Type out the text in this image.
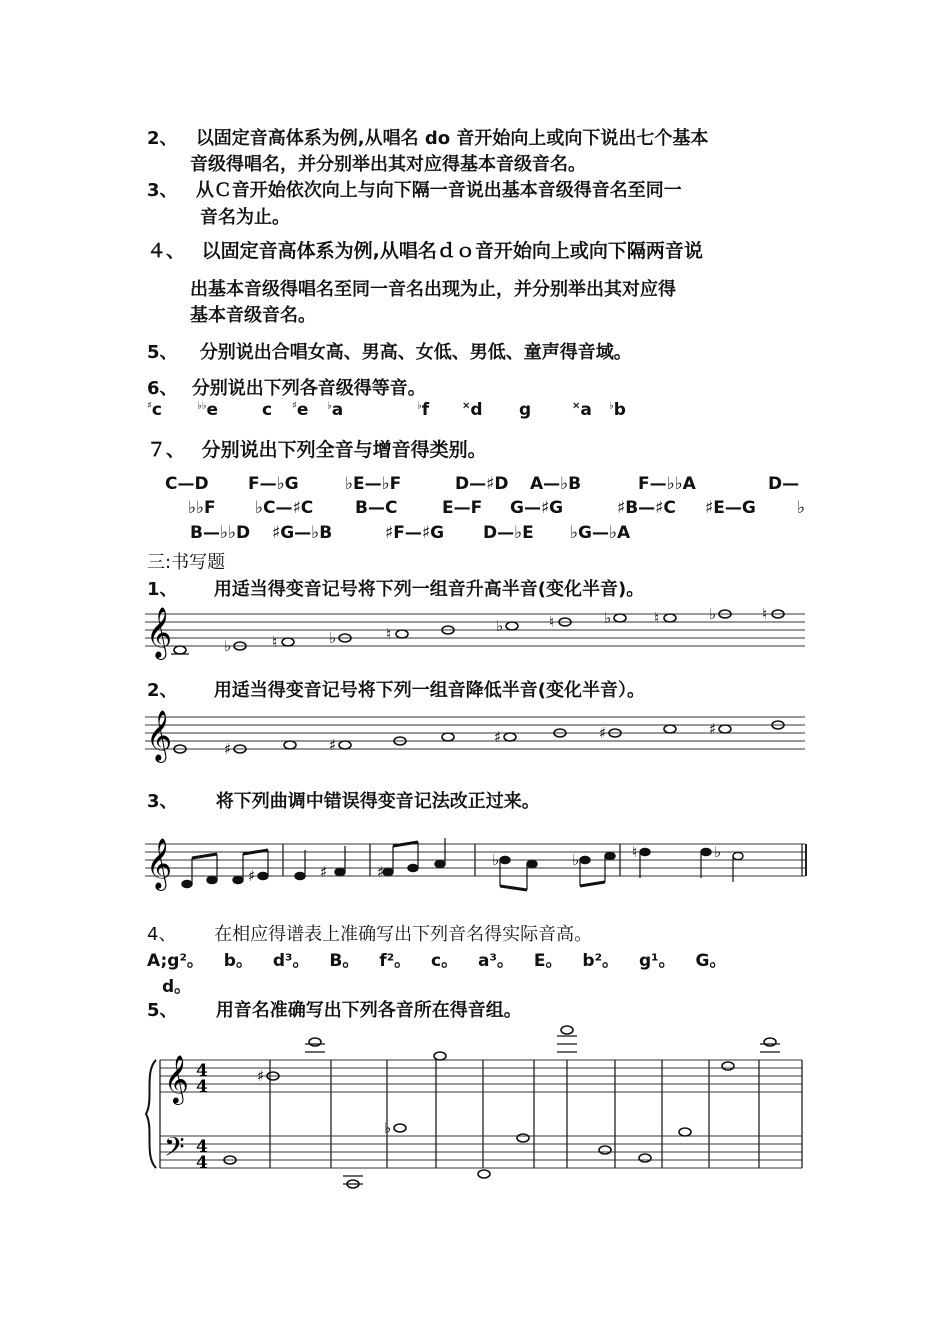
2、 以固定音高体系为例,从唱名 do 音开始向上或向下说出七个基本
音级得唱名，并分别举出其对应得基本音级音名。
3、 从Ｃ音开始依次向上与向下隔一音说出基本音级得音名至同一
音名为止。
４、 以固定音高体系为例,从唱名ｄｏ音开始向上或向下隔两音说
出基本音级得唱名至同一音名出现为止，并分别举出其对应得
基本音级音名。
5、 分别说出合唱女高、男高、女低、男低、童声得音域。
6、 分别说出下列各音级得等音。
♯c	♭♭e	c ♯e ♭a	♭f	×d g	×a ♭b
７、 分别说出下列全音与增音得类别。
C—D F—♭G	♭E—♭F	D—♯D A—♭B	F—♭♭A	D—
♭♭F ♭C—♯C B—C	E—F G—♯G	♯B—♯C ♯E—G ♭
B—♭♭D ♯G—♭B	♯F—♯G D—♭E ♭G—♭A
三:书写题
1、 用适当得变音记号将下列一组音升高半音(变化半音)。
𝄞	♭	♮	♭	♮	♭	♮	♭	♮	♭	♮
2、 用适当得变音记号将下列一组音降低半音(变化半音）。
𝄞	♯	♯	♯	♯	♯
3、 将下列曲调中错误得变音记法改正过来。
𝄞	♯	♯	♯
♭	♭	♮	♭
4、 在相应得谱表上准确写出下列音名得实际音高。
A;g²。 b。 d³。 B。 f²。 c。 a³。 E。 b²。 g¹。 G。
d。
5、 用音名准确写出下列各音所在得音组。
𝄞
𝄢
4
4
4
4
♯
♭
